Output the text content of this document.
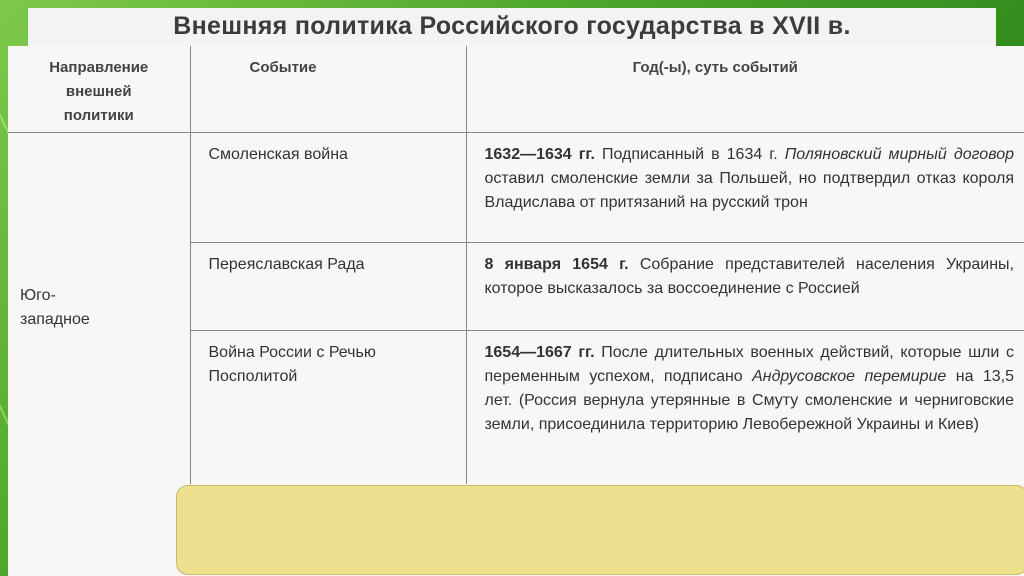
Внешняя политика Российского государства в XVII в.
Направление внешней политики	Событие	Год(-ы), суть событий
Юго-западное	Смоленская война	1632—1634 гг. Подписанный в 1634 г. Поляновский мирный договор оставил смоленские земли за Польшей, но подтвердил отказ короля Владислава от притязаний на русский трон
	Переяславская Рада	8 января 1654 г. Собрание представителей населения Украины, которое высказалось за воссоединение с Россией
	Война России с Речью Посполитой	1654—1667 гг. После длительных военных действий, которые шли с переменным успехом, подписано Андрусовское перемирие на 13,5 лет. (Россия вернула утерянные в Смуту смоленские и черниговские земли, присоединила территорию Левобережной Украины и Киев)
